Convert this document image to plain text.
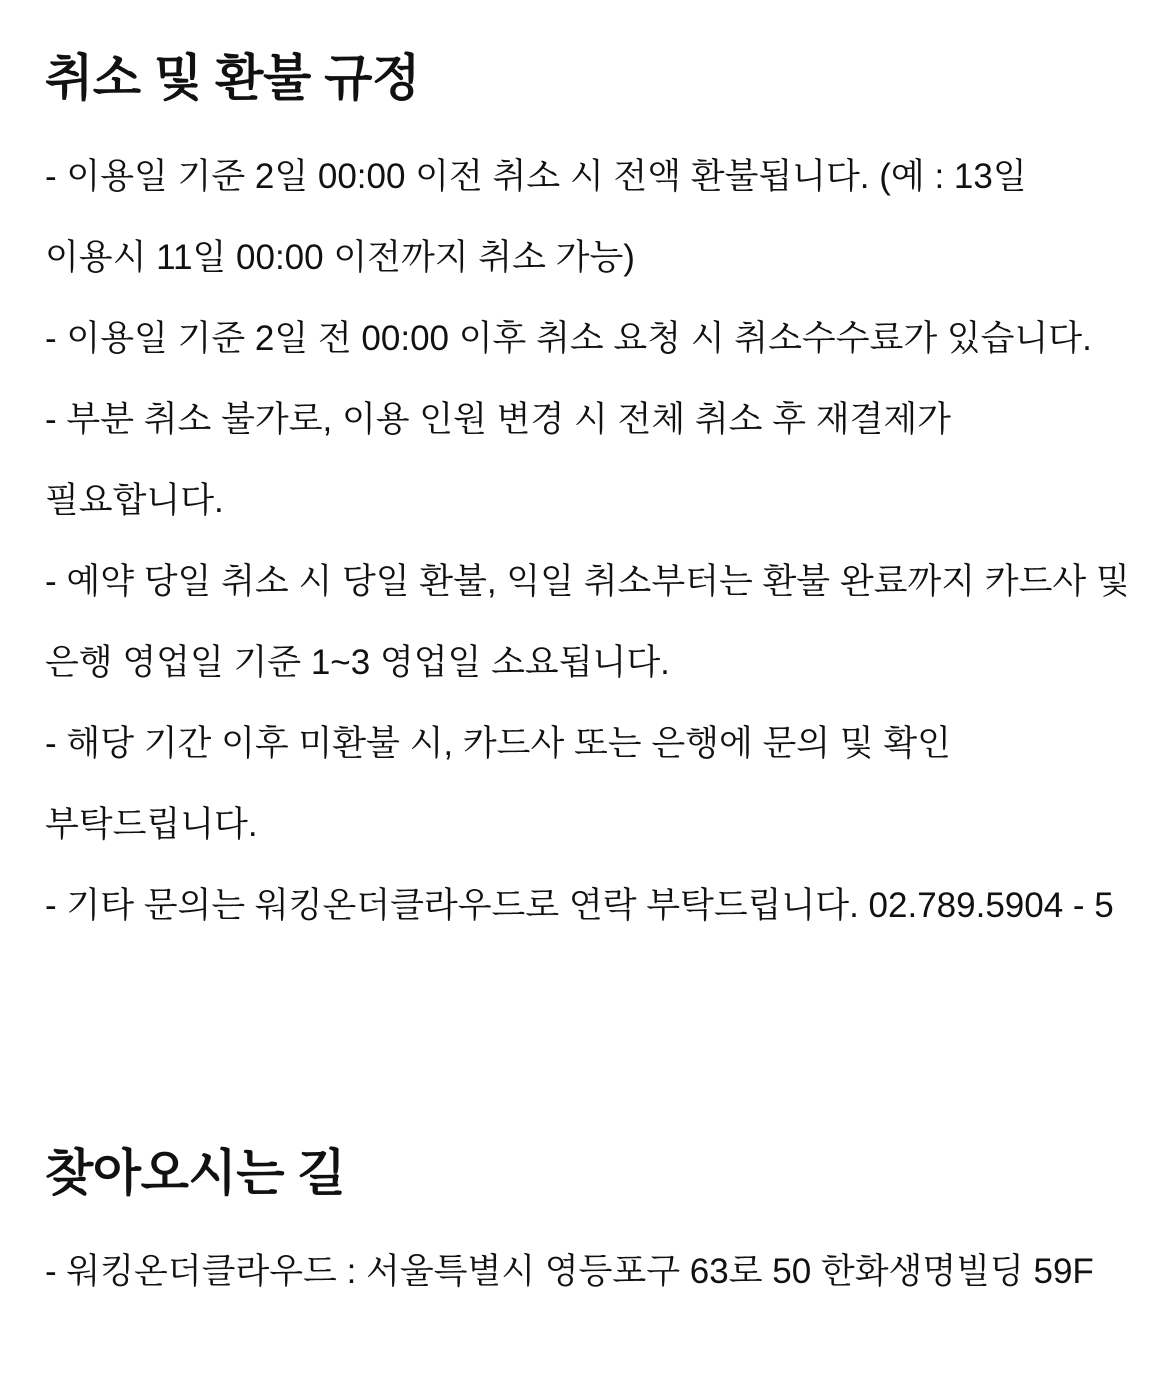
취소 및 환불 규정

- 이용일 기준 2일 00:00 이전 취소 시 전액 환불됩니다. (예 : 13일 이용시 11일 00:00 이전까지 취소 가능)

- 이용일 기준 2일 전 00:00 이후 취소 요청 시 취소수수료가 있습니다.

- 부분 취소 불가로, 이용 인원 변경 시 전체 취소 후 재결제가 필요합니다.

- 예약 당일 취소 시 당일 환불, 익일 취소부터는 환불 완료까지 카드사 및 은행 영업일 기준 1~3 영업일 소요됩니다.

- 해당 기간 이후 미환불 시, 카드사 또는 은행에 문의 및 확인 부탁드립니다.

- 기타 문의는 워킹온더클라우드로 연락 부탁드립니다. 02.789.5904 - 5

찾아오시는 길

- 워킹온더클라우드 : 서울특별시 영등포구 63로 50 한화생명빌딩 59F
